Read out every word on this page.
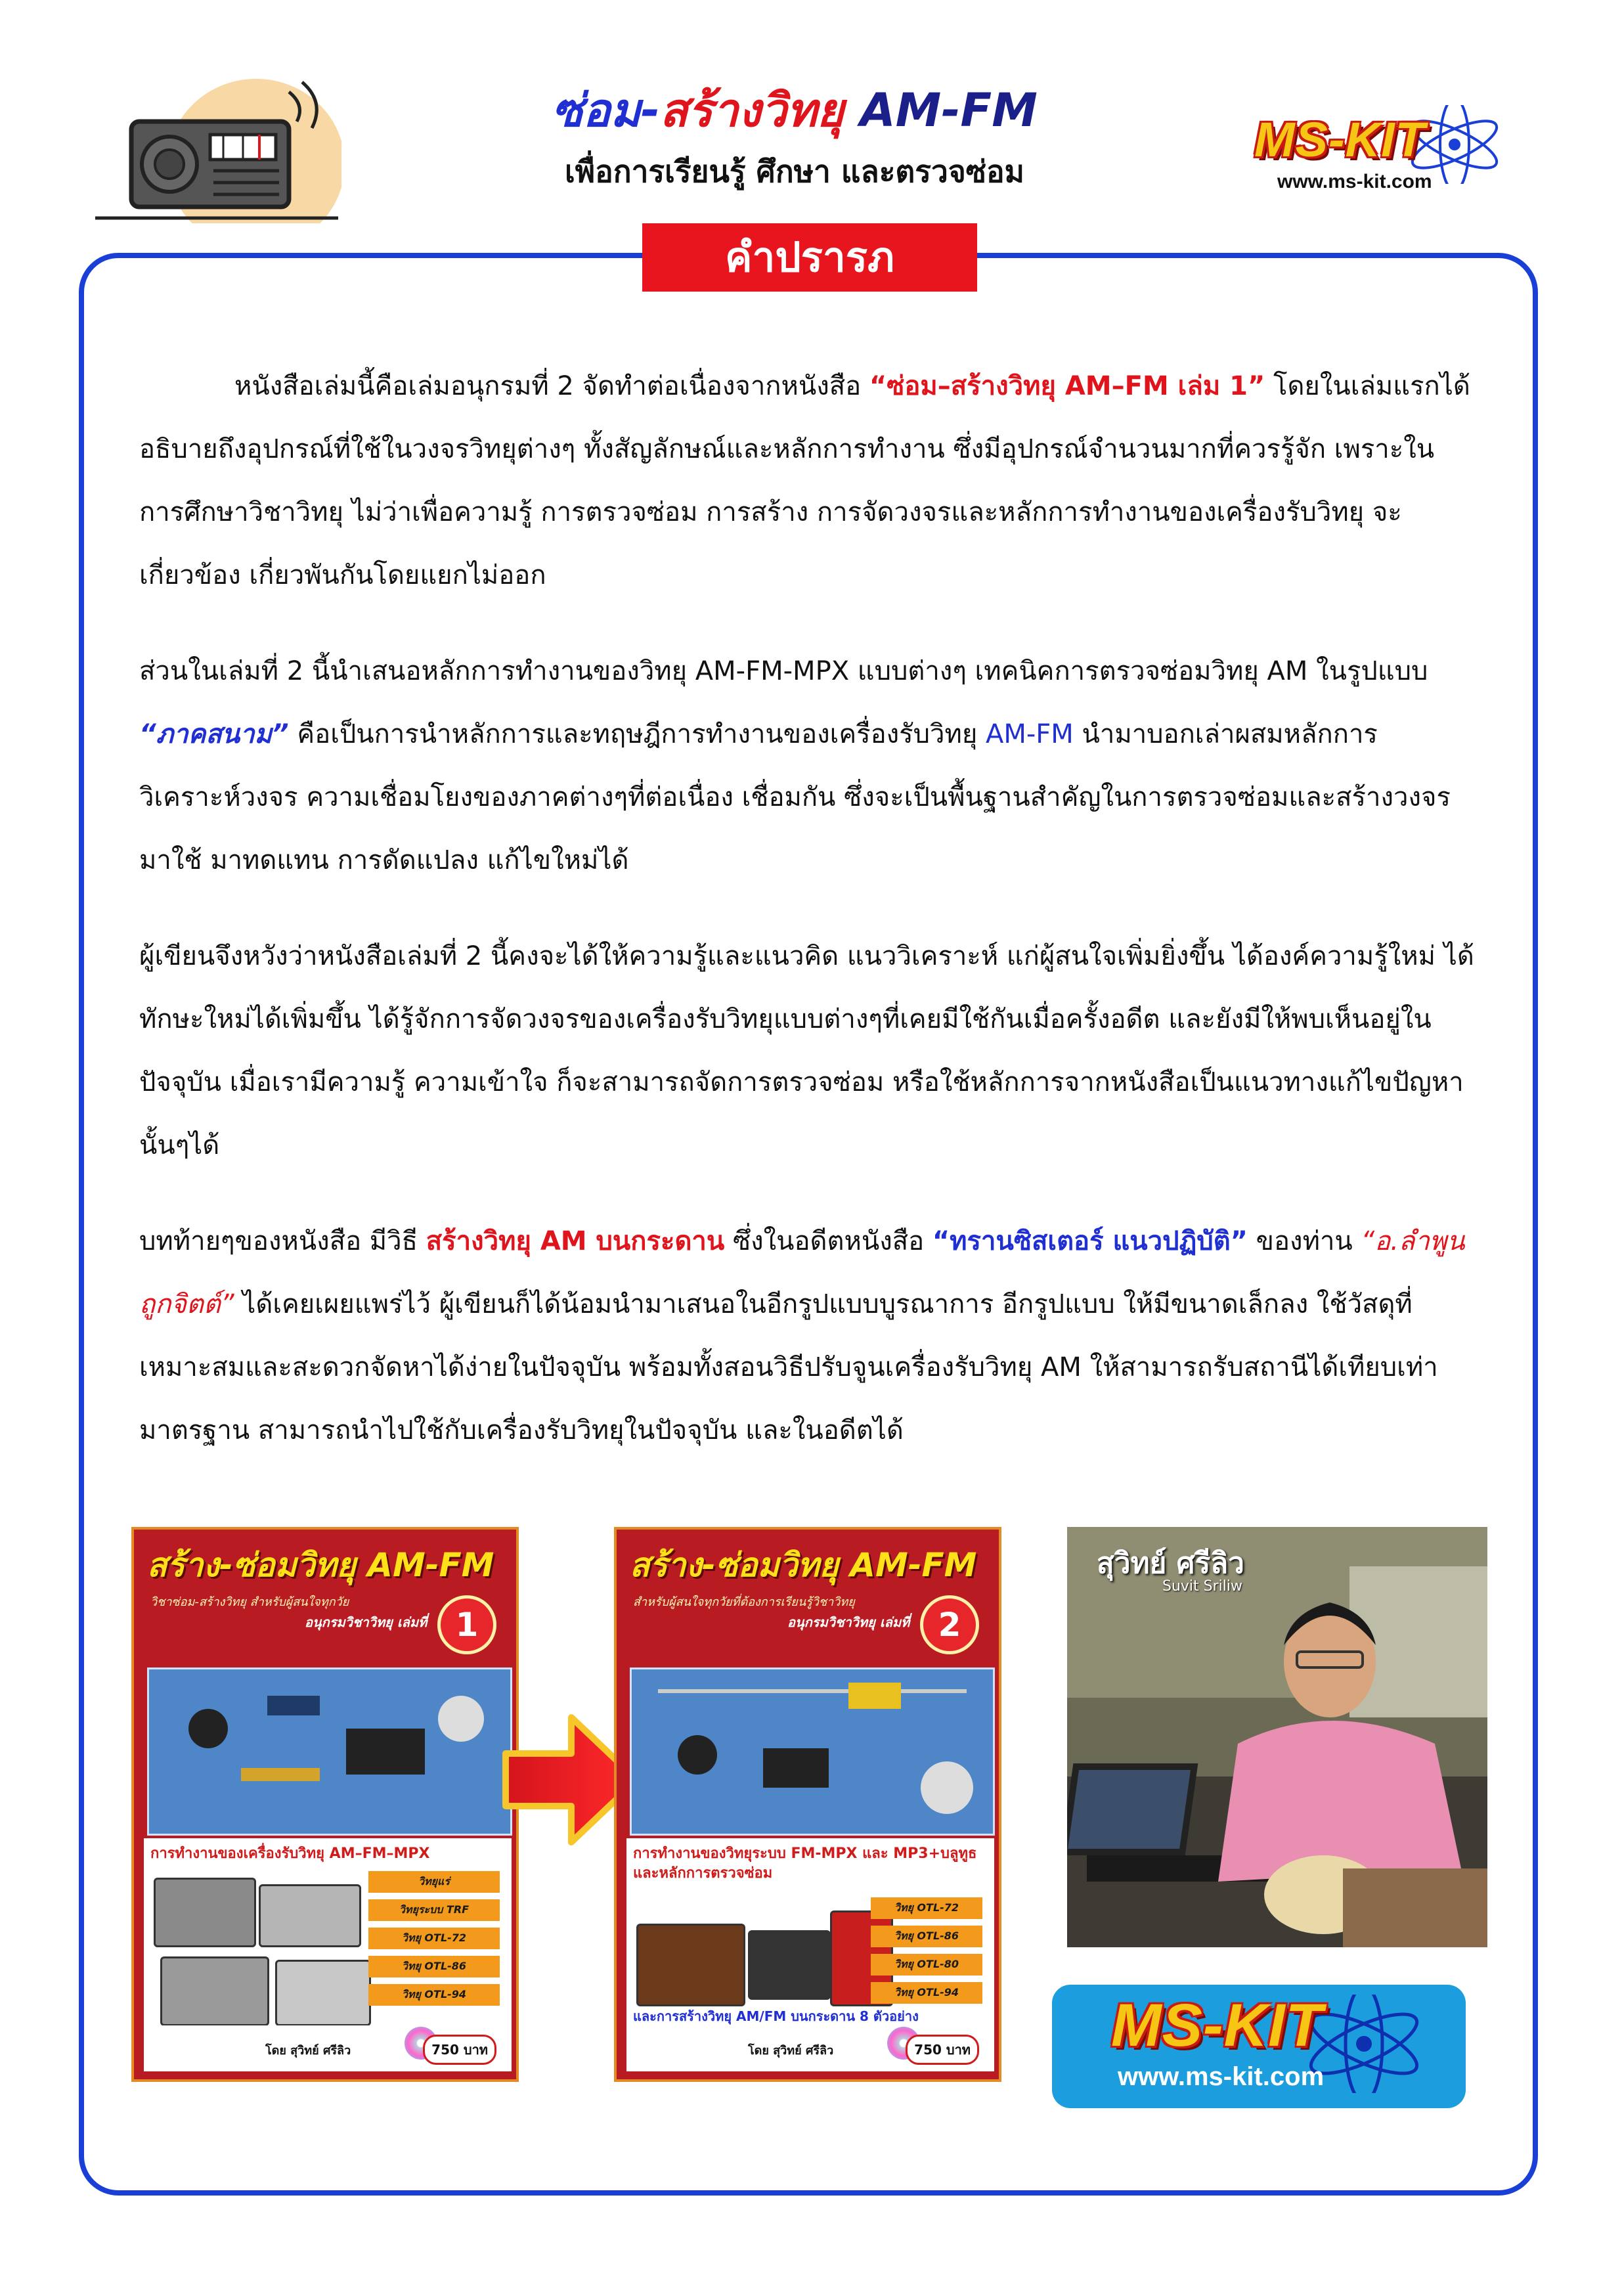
ซ่อม-สร้างวิทยุ AM-FM
เพื่อการเรียนรู้ ศึกษา และตรวจซ่อม
MS-KIT
www.ms-kit.com
คำปรารภ

หนังสือเล่มนี้คือเล่มอนุกรมที่ 2 จัดทำต่อเนื่องจากหนังสือ “ซ่อม–สร้างวิทยุ AM–FM เล่ม 1” โดยในเล่มแรกได้อธิบายถึงอุปกรณ์ที่ใช้ในวงจรวิทยุต่างๆ ทั้งสัญลักษณ์และหลักการทำงาน ซึ่งมีอุปกรณ์จำนวนมากที่ควรรู้จัก เพราะในการศึกษาวิชาวิทยุ ไม่ว่าเพื่อความรู้ การตรวจซ่อม การสร้าง การจัดวงจรและหลักการทำงานของเครื่องรับวิทยุ จะเกี่ยวข้อง เกี่ยวพันกันโดยแยกไม่ออก

ส่วนในเล่มที่ 2 นี้นำเสนอหลักการทำงานของวิทยุ AM-FM-MPX แบบต่างๆ เทคนิคการตรวจซ่อมวิทยุ AM ในรูปแบบ “ภาคสนาม” คือเป็นการนำหลักการและทฤษฎีการทำงานของเครื่องรับวิทยุ AM-FM นำมาบอกเล่าผสมหลักการวิเคราะห์วงจร ความเชื่อมโยงของภาคต่างๆที่ต่อเนื่อง เชื่อมกัน ซึ่งจะเป็นพื้นฐานสำคัญในการตรวจซ่อมและสร้างวงจรมาใช้ มาทดแทน การดัดแปลง แก้ไขใหม่ได้

ผู้เขียนจึงหวังว่าหนังสือเล่มที่ 2 นี้คงจะได้ให้ความรู้และแนวคิด แนววิเคราะห์ แก่ผู้สนใจเพิ่มยิ่งขึ้น ได้องค์ความรู้ใหม่ ได้ทักษะใหม่ได้เพิ่มขึ้น ได้รู้จักการจัดวงจรของเครื่องรับวิทยุแบบต่างๆที่เคยมีใช้กันเมื่อครั้งอดีต และยังมีให้พบเห็นอยู่ในปัจจุบัน เมื่อเรามีความรู้ ความเข้าใจ ก็จะสามารถจัดการตรวจซ่อม หรือใช้หลักการจากหนังสือเป็นแนวทางแก้ไขปัญหานั้นๆได้

บทท้ายๆของหนังสือ มีวิธี สร้างวิทยุ AM บนกระดาน ซึ่งในอดีตหนังสือ “ทรานซิสเตอร์ แนวปฏิบัติ” ของท่าน “อ.ลำพูน ถูกจิตต์” ได้เคยเผยแพร่ไว้ ผู้เขียนก็ได้น้อมนำมาเสนอในอีกรูปแบบบูรณาการ อีกรูปแบบ ให้มีขนาดเล็กลง ใช้วัสดุที่เหมาะสมและสะดวกจัดหาได้ง่ายในปัจจุบัน พร้อมทั้งสอนวิธีปรับจูนเครื่องรับวิทยุ AM ให้สามารถรับสถานีได้เทียบเท่ามาตรฐาน สามารถนำไปใช้กับเครื่องรับวิทยุในปัจจุบัน และในอดีตได้

สร้าง-ซ่อมวิทยุ AM-FM
วิชาซ่อม-สร้างวิทยุ สำหรับผู้สนใจทุกวัย
อนุกรมวิชาวิทยุ เล่มที่ 1
การทำงานของเครื่องรับวิทยุ AM–FM–MPX
วิทยุแร่
วิทยุระบบ TRF
วิทยุ OTL-72
วิทยุ OTL-86
วิทยุ OTL-94
โดย สุวิทย์ ศรีลิว	750 บาท
สร้าง-ซ่อมวิทยุ AM-FM
สำหรับผู้สนใจทุกวัยที่ต้องการเรียนรู้วิชาวิทยุ
อนุกรมวิชาวิทยุ เล่มที่ 2
การทำงานของวิทยุระบบ FM-MPX และ MP3+บลูทูธ
และหลักการตรวจซ่อม
วิทยุ OTL-72
วิทยุ OTL-86
วิทยุ OTL-80
วิทยุ OTL-94
และการสร้างวิทยุ AM/FM บนกระดาน 8 ตัวอย่าง
โดย สุวิทย์ ศรีลิว	750 บาท
สุวิทย์ ศรีลิว
Suvit Sriliw
MS-KIT
www.ms-kit.com
